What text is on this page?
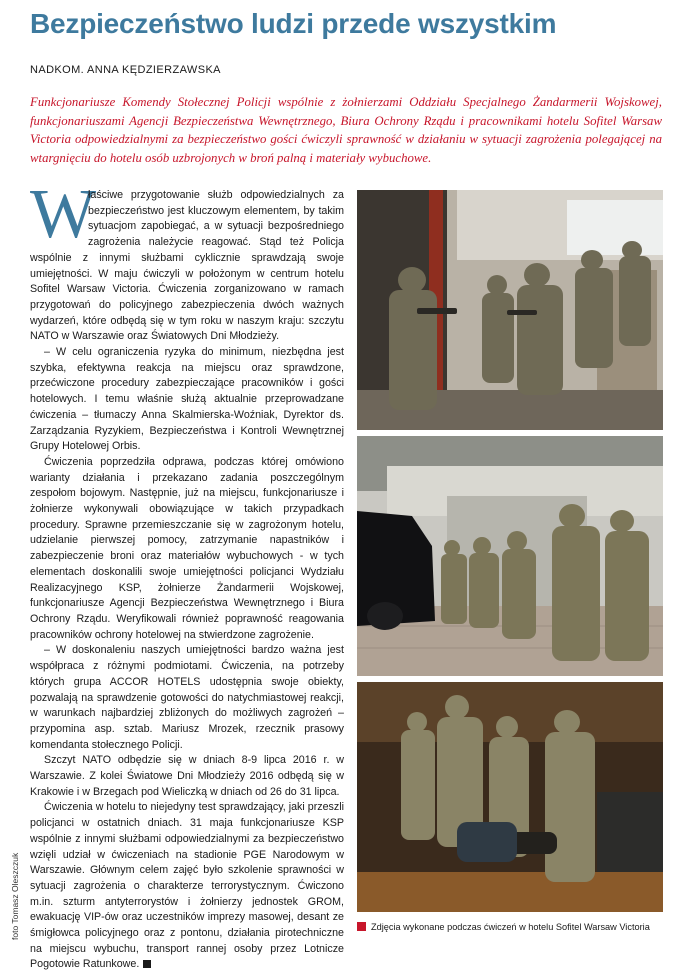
Bezpieczeństwo ludzi przede wszystkim
NADKOM. ANNA KĘDZIERZAWSKA

Funkcjonariusze Komendy Stołecznej Policji wspólnie z żołnierzami Oddziału Specjalnego Żandarmerii Wojskowej, funkcjonariuszami Agencji Bezpieczeństwa Wewnętrznego, Biura Ochrony Rządu i pracownikami hotelu Sofitel Warsaw Victoria odpowiedzialnymi za bezpieczeństwo gości ćwiczyli sprawność w działaniu w sytuacji zagrożenia polegającej na wtargnięciu do hotelu osób uzbrojonych w broń palną i materiały wybuchowe.

W
łaściwe przygotowanie służb odpowiedzialnych za bezpieczeństwo jest kluczowym elementem, by takim sytuacjom zapobiegać, a w sytuacji bezpośredniego zagrożenia należycie reagować. Stąd też Policja wspólnie z innymi służbami cyklicznie sprawdzają swoje umiejętności. W maju ćwiczyli w położonym w centrum hotelu Sofitel Warsaw Victoria. Ćwiczenia zorganizowano w ramach przygotowań do policyjnego zabezpieczenia dwóch ważnych wydarzeń, które odbędą się w tym roku w naszym kraju: szczytu NATO w Warszawie oraz Światowych Dni Młodzieży.

– W celu ograniczenia ryzyka do minimum, niezbędna jest szybka, efektywna reakcja na miejscu oraz sprawdzone, przećwiczone procedury zabezpieczające pracowników i gości hotelowych. I temu właśnie służą aktualnie przeprowadzane ćwiczenia – tłumaczy Anna Skalmierska-Woźniak, Dyrektor ds. Zarządzania Ryzykiem, Bezpieczeństwa i Kontroli Wewnętrznej Grupy Hotelowej Orbis.

Ćwiczenia poprzedziła odprawa, podczas której omówiono warianty działania i przekazano zadania poszczególnym zespołom bojowym. Następnie, już na miejscu, funkcjonariusze i żołnierze wykonywali obowiązujące w takich przypadkach procedury. Sprawne przemieszczanie się w zagrożonym hotelu, udzielanie pierwszej pomocy, zatrzymanie napastników i zabezpieczenie broni oraz materiałów wybuchowych - w tych elementach doskonalili swoje umiejętności policjanci Wydziału Realizacyjnego KSP, żołnierze Żandarmerii Wojskowej, funkcjonariusze Agencji Bezpieczeństwa Wewnętrznego i Biura Ochrony Rządu. Weryfikowali również poprawność reagowania pracowników ochrony hotelowej na stwierdzone zagrożenie.

– W doskonaleniu naszych umiejętności bardzo ważna jest współpraca z różnymi podmiotami. Ćwiczenia, na potrzeby których grupa ACCOR HOTELS udostępnia swoje obiekty, pozwalają na sprawdzenie gotowości do natychmiastowej reakcji, w warunkach najbardziej zbliżonych do możliwych zagrożeń – przypomina asp. sztab. Mariusz Mrozek, rzecznik prasowy komendanta stołecznego Policji.

Szczyt NATO odbędzie się w dniach 8-9 lipca 2016 r. w Warszawie. Z kolei Światowe Dni Młodzieży 2016 odbędą się w Krakowie i w Brzegach pod Wieliczką w dniach od 26 do 31 lipca.

Ćwiczenia w hotelu to niejedyny test sprawdzający, jaki przeszli policjanci w ostatnich dniach. 31 maja funkcjonariusze KSP wspólnie z innymi służbami odpowiedzialnymi za bezpieczeństwo wzięli udział w ćwiczeniach na stadionie PGE Narodowym w Warszawie. Głównym celem zajęć było szkolenie sprawności w sytuacji zagrożenia o charakterze terrorystycznym. Ćwiczono m.in. szturm antyterrorystów i żołnierzy jednostek GROM, ewakuację VIP-ów oraz uczestników imprezy masowej, desant ze śmigłowca policyjnego oraz z pontonu, działania pirotechniczne na miejscu wybuchu, transport rannej osoby przez Lotnicze Pogotowie Ratunkowe.

foto Tomasz Oleszczuk	Zdjęcia wykonane podczas ćwiczeń w hotelu Sofitel Warsaw Victoria
